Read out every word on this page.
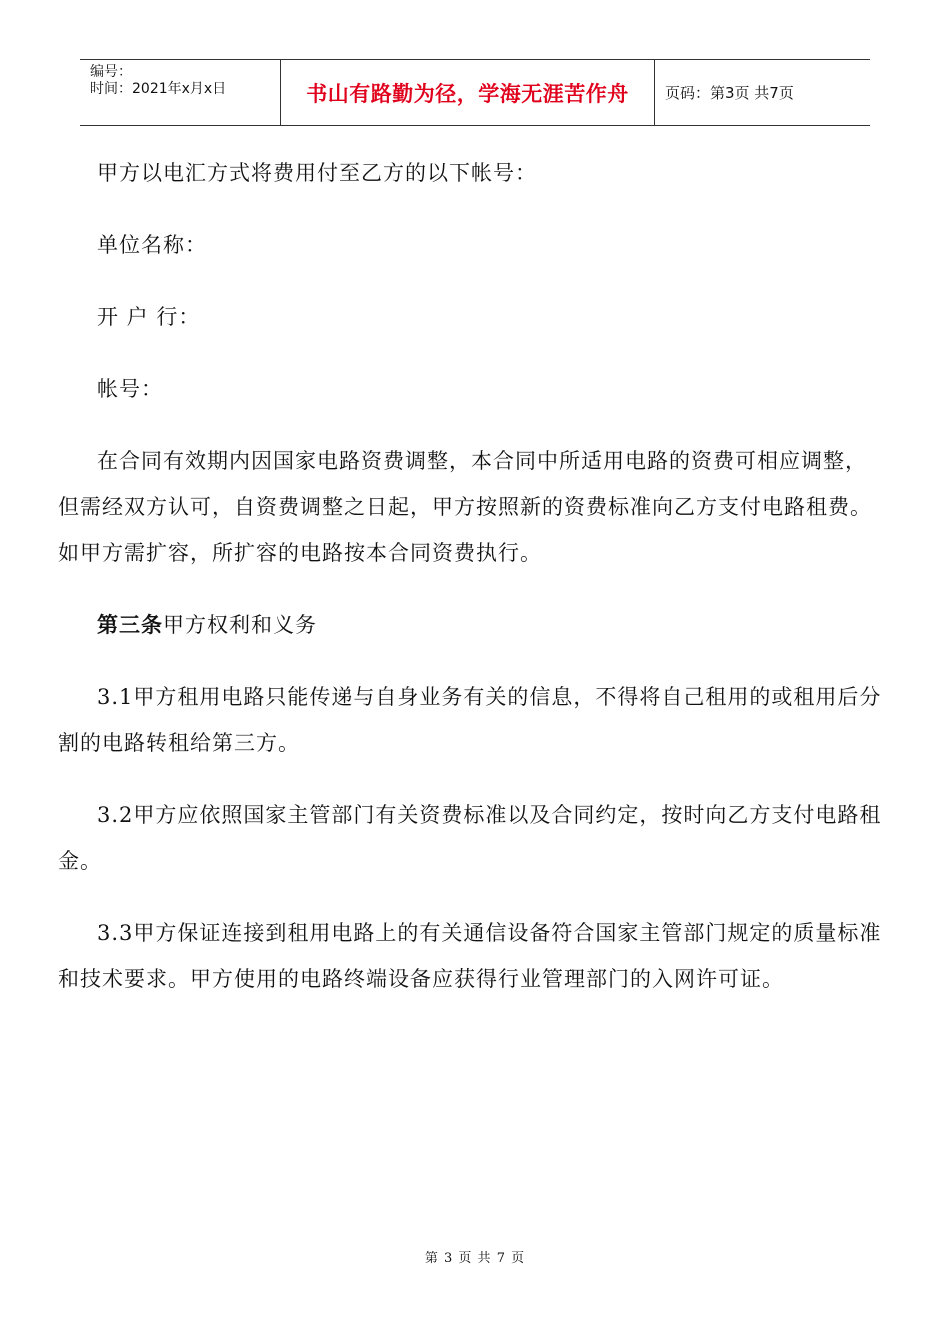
编号：
时间：2021年x月x日	书山有路勤为径，学海无涯苦作舟	页码：第3页 共7页

甲方以电汇方式将费用付至乙方的以下帐号：

单位名称：

开 户 行：

帐号：

在合同有效期内因国家电路资费调整，本合同中所适用电路的资费可相应调整，但需经双方认可，自资费调整之日起，甲方按照新的资费标准向乙方支付电路租费。如甲方需扩容，所扩容的电路按本合同资费执行。

第三条甲方权利和义务

3.1甲方租用电路只能传递与自身业务有关的信息，不得将自己租用的或租用后分割的电路转租给第三方。

3.2甲方应依照国家主管部门有关资费标准以及合同约定，按时向乙方支付电路租金。

3.3甲方保证连接到租用电路上的有关通信设备符合国家主管部门规定的质量标准和技术要求。甲方使用的电路终端设备应获得行业管理部门的入网许可证。

第 3 页 共 7 页
